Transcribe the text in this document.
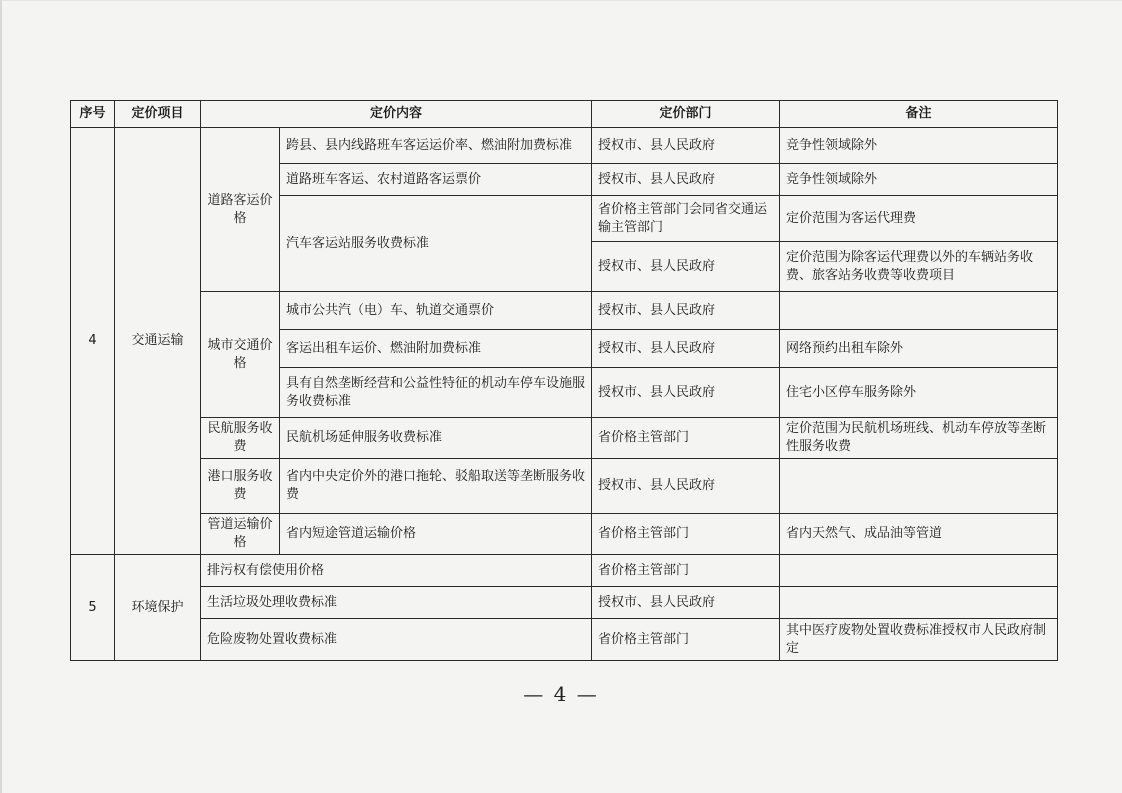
序号	定价项目	定价内容		定价部门	备注
4	交通运输	道路客运价格	跨县、县内线路班车客运运价率、燃油附加费标准	授权市、县人民政府	竞争性领域除外
			道路班车客运、农村道路客运票价	授权市、县人民政府	竞争性领域除外
			汽车客运站服务收费标准	省价格主管部门会同省交通运输主管部门	定价范围为客运代理费
				授权市、县人民政府	定价范围为除客运代理费以外的车辆站务收费、旅客站务收费等收费项目
		城市交通价格	城市公共汽（电）车、轨道交通票价	授权市、县人民政府	
			客运出租车运价、燃油附加费标准	授权市、县人民政府	网络预约出租车除外
			具有自然垄断经营和公益性特征的机动车停车设施服务收费标准	授权市、县人民政府	住宅小区停车服务除外
		民航服务收费	民航机场延伸服务收费标准	省价格主管部门	定价范围为民航机场班线、机动车停放等垄断性服务收费
		港口服务收费	省内中央定价外的港口拖轮、驳船取送等垄断服务收费	授权市、县人民政府	
		管道运输价格	省内短途管道运输价格	省价格主管部门	省内天然气、成品油等管道
5	环境保护	排污权有偿使用价格		省价格主管部门	
		生活垃圾处理收费标准		授权市、县人民政府	
		危险废物处置收费标准		省价格主管部门	其中医疗废物处置收费标准授权市人民政府制定
— 4 —
